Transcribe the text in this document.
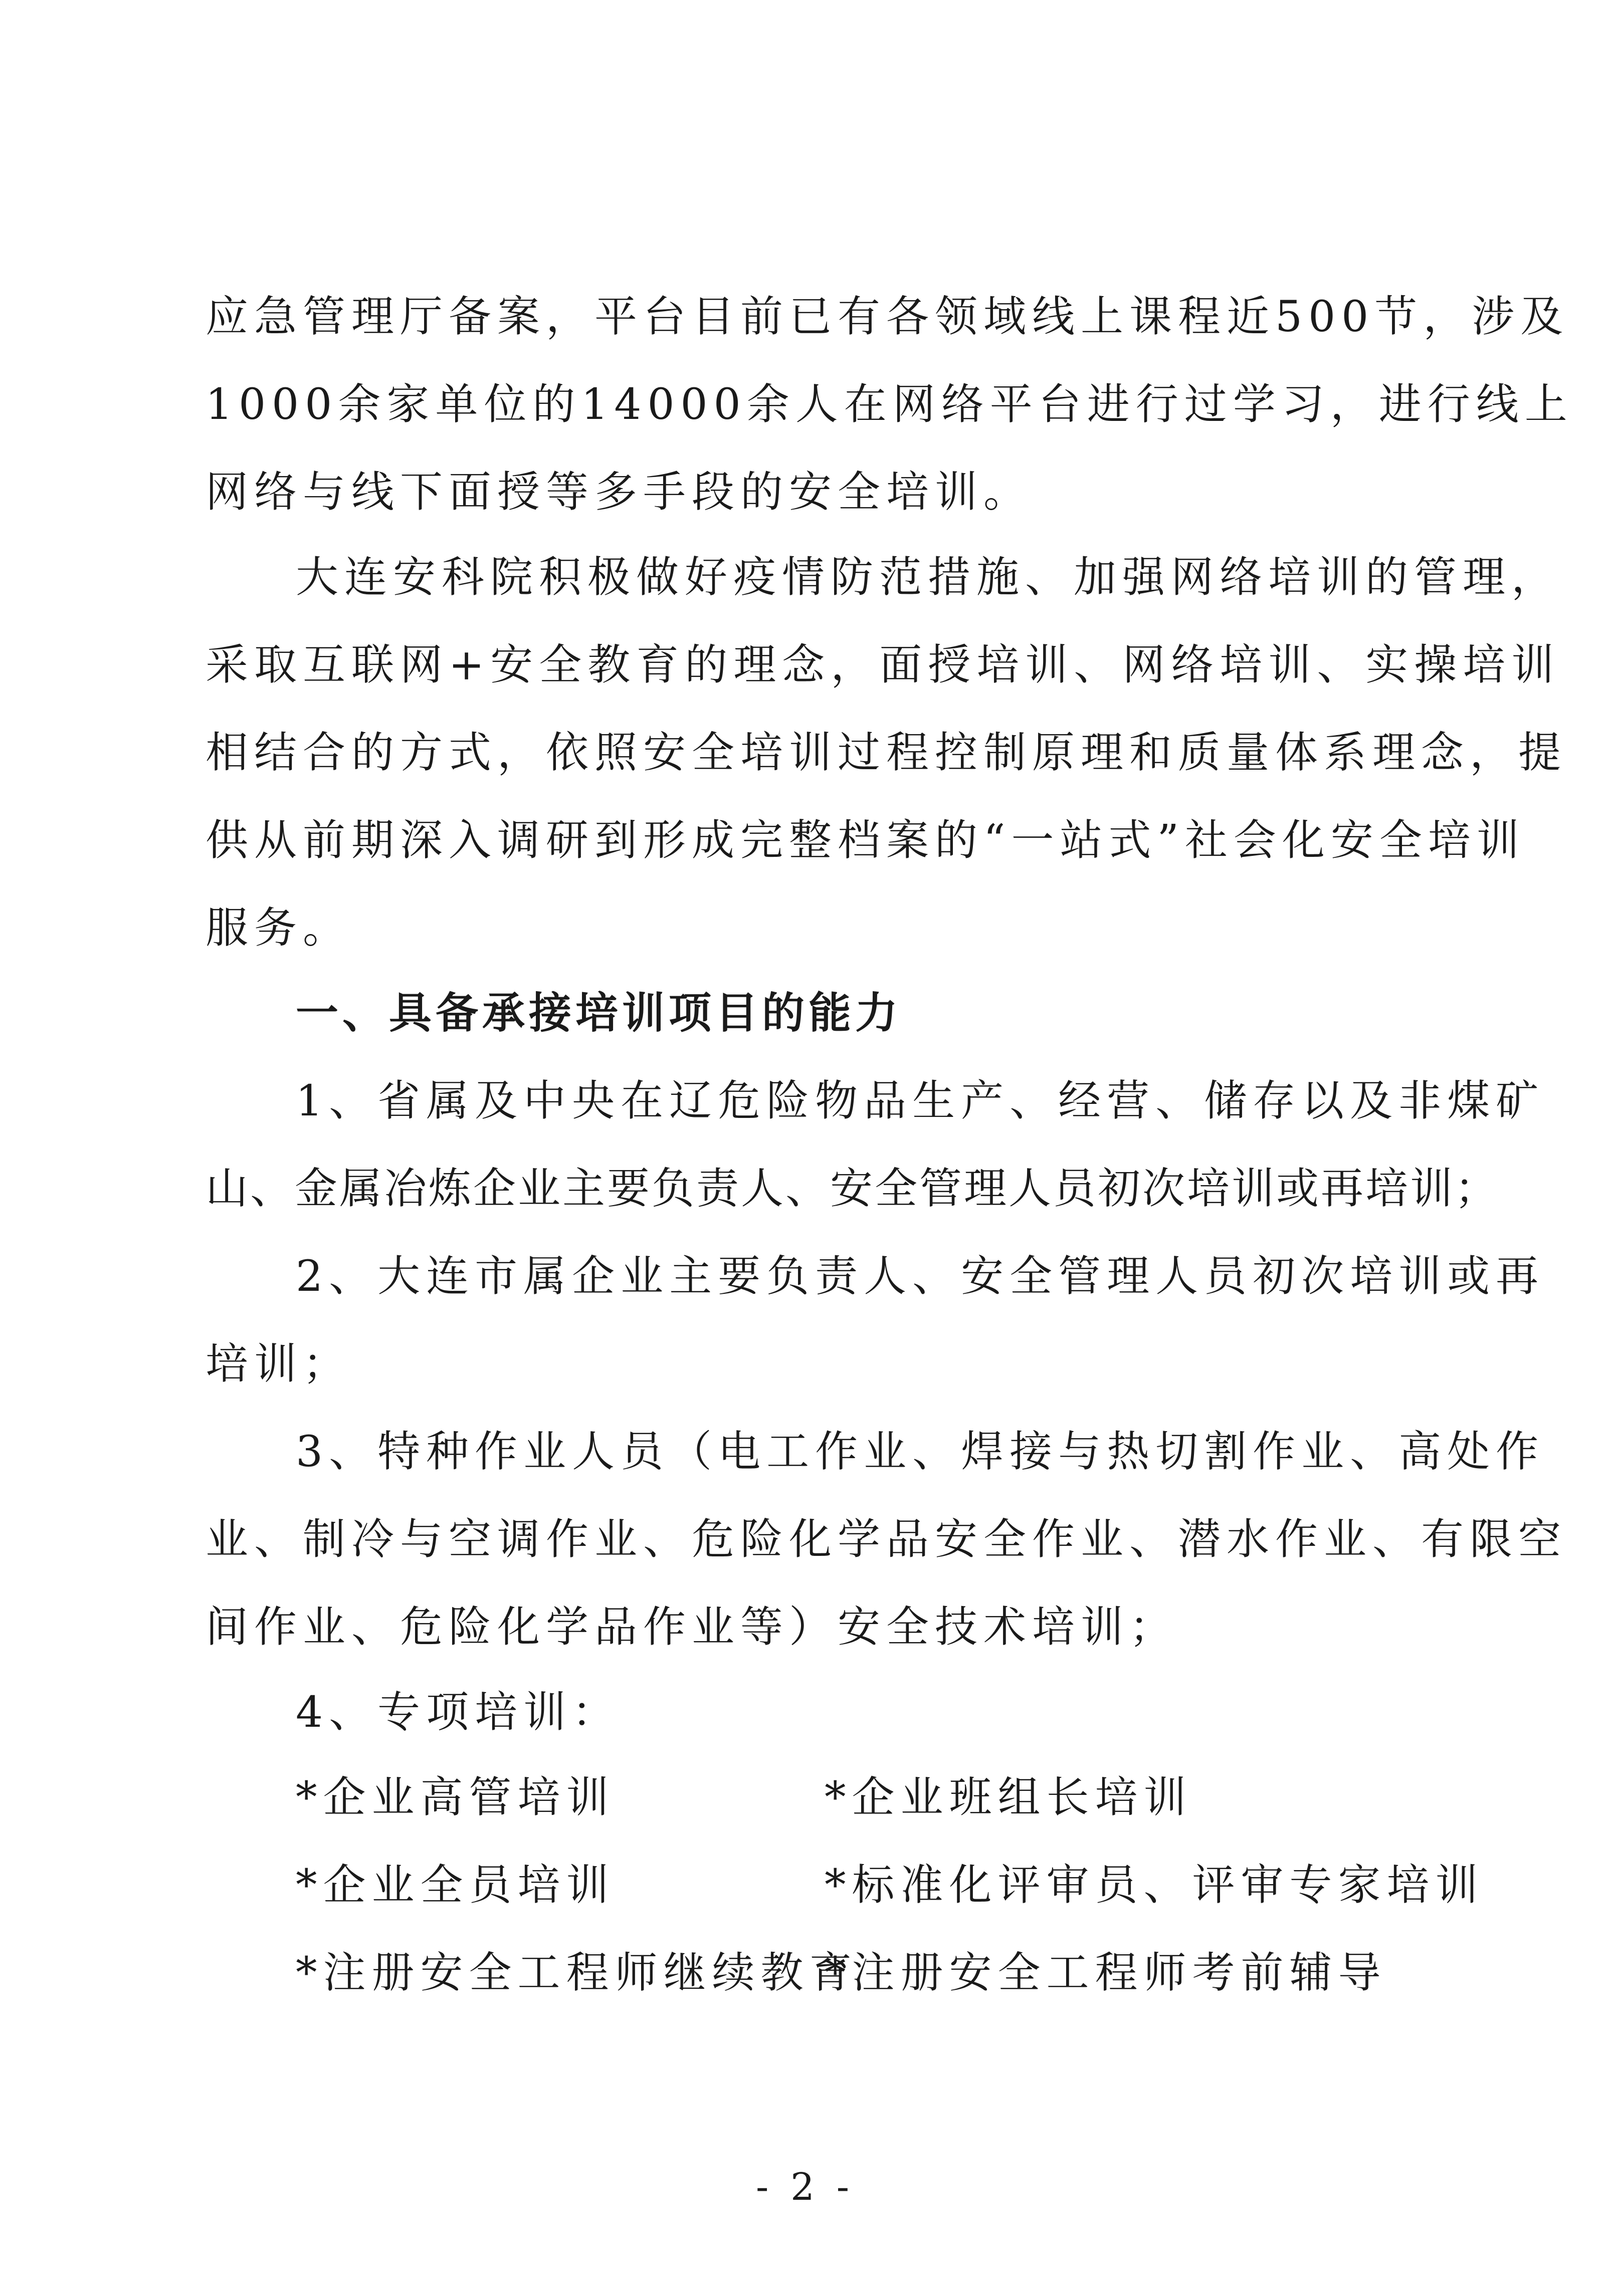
应急管理厅备案，平台目前已有各领域线上课程近500节，涉及
1000余家单位的14000余人在网络平台进行过学习，进行线上
网络与线下面授等多手段的安全培训。
大连安科院积极做好疫情防范措施、加强网络培训的管理，
采取互联网+安全教育的理念，面授培训、网络培训、实操培训
相结合的方式，依照安全培训过程控制原理和质量体系理念，提
供从前期深入调研到形成完整档案的“一站式”社会化安全培训
服务。
一、具备承接培训项目的能力
1、省属及中央在辽危险物品生产、经营、储存以及非煤矿
山、金属冶炼企业主要负责人、安全管理人员初次培训或再培训；
2、大连市属企业主要负责人、安全管理人员初次培训或再
培训；
3、特种作业人员（电工作业、焊接与热切割作业、高处作
业、制冷与空调作业、危险化学品安全作业、潜水作业、有限空
间作业、危险化学品作业等）安全技术培训；
4、专项培训：
*企业高管培训	*企业班组长培训
*企业全员培训	*标准化评审员、评审专家培训
*注册安全工程师继续教育
*注册安全工程师考前辅导
- 2 -
